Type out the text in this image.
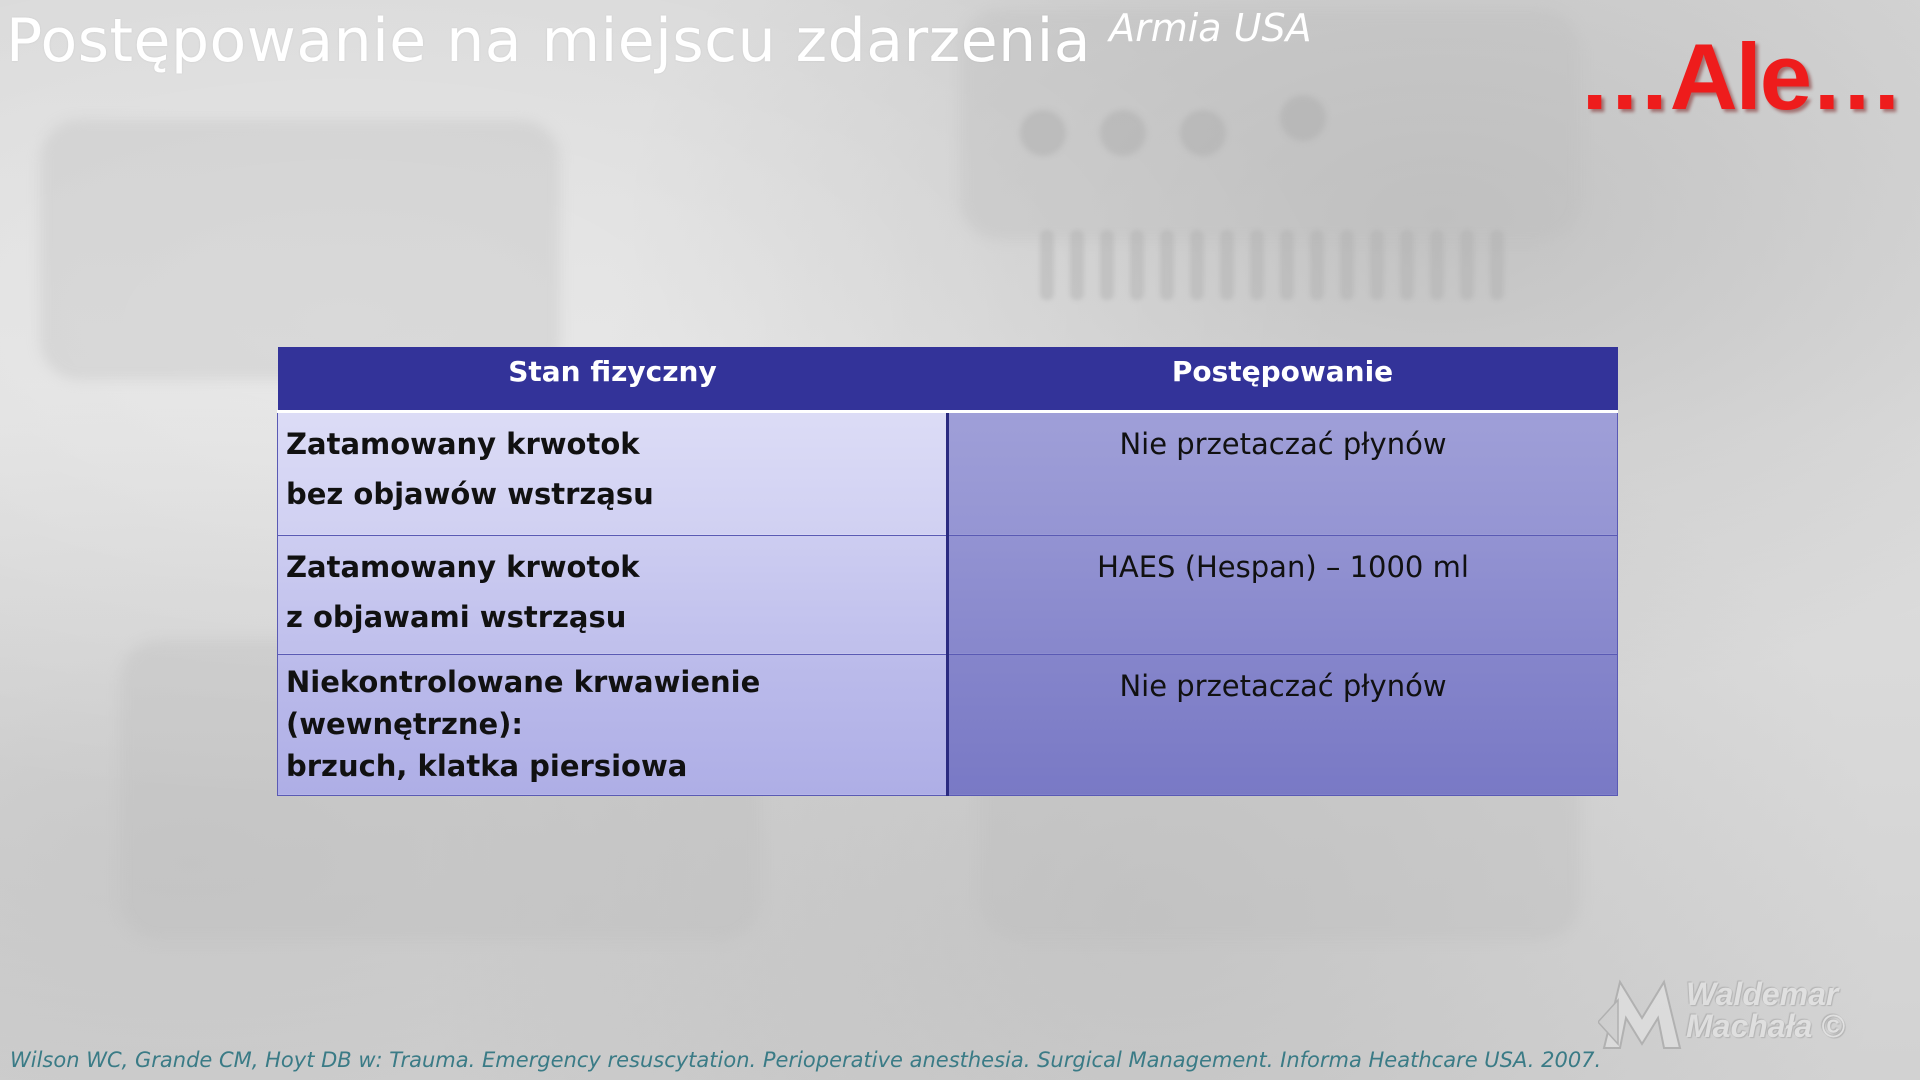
Postępowanie na miejscu zdarzenia Armia USA	…Ale…
Stan fizyczny	Postępowanie

Zatamowany krwotok
bez objawów wstrząsu	Nie przetaczać płynów

Zatamowany krwotok
z objawami wstrząsu	HAES (Hespan) – 1000 ml

Niekontrolowane krwawienie (wewnętrzne):
brzuch, klatka piersiowa	Nie przetaczać płynów
Waldemar
Machała ©
Wilson WC, Grande CM, Hoyt DB w: Trauma. Emergency resuscytation. Perioperative anesthesia. Surgical Management. Informa Heathcare USA. 2007.
